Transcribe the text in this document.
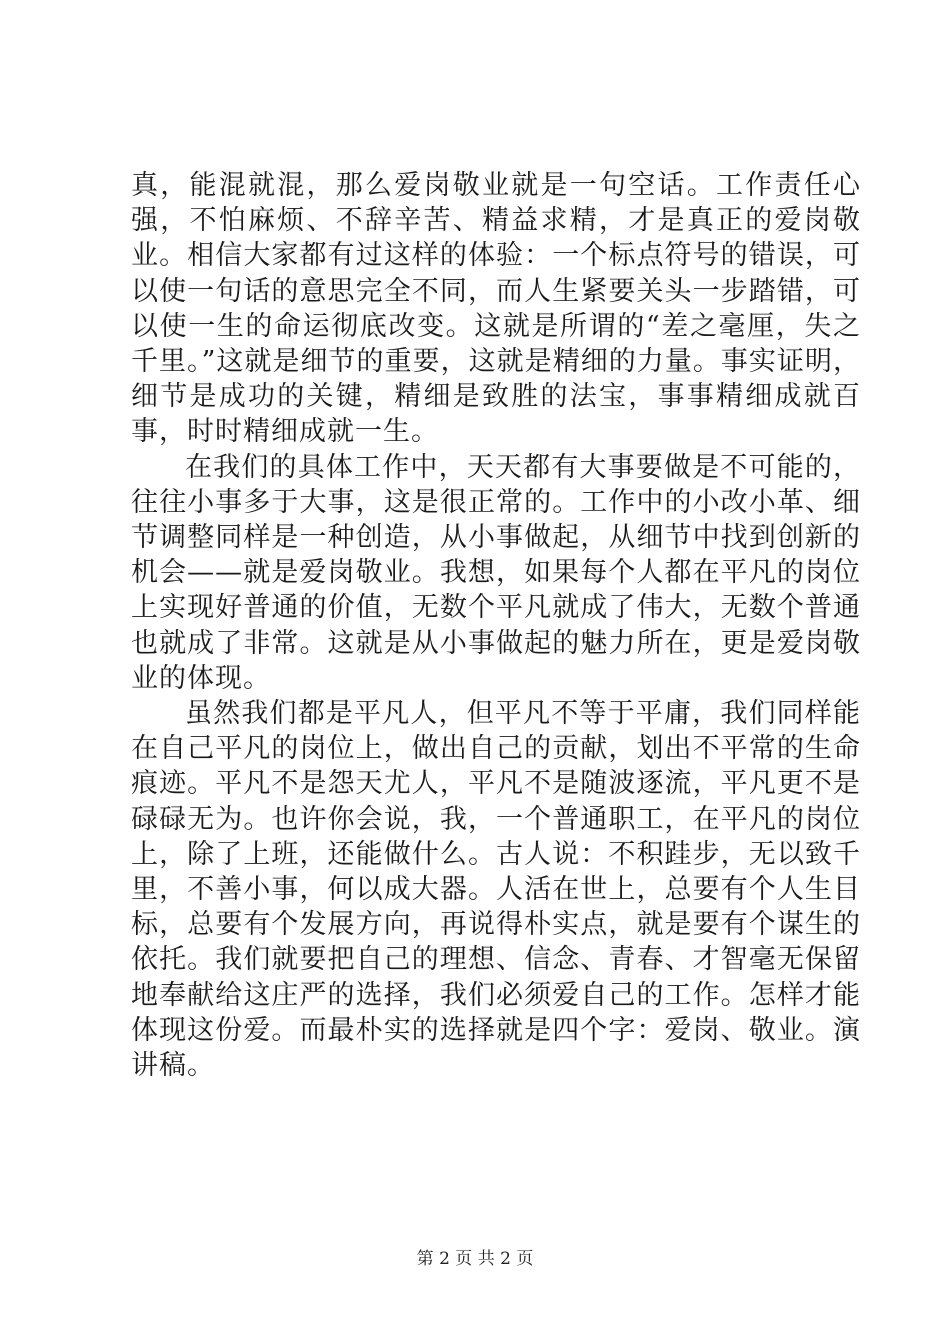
真，能混就混，那么爱岗敬业就是一句空话。工作责任心强，不怕麻烦、不辞辛苦、精益求精，才是真正的爱岗敬业。相信大家都有过这样的体验：一个标点符号的错误，可以使一句话的意思完全不同，而人生紧要关头一步踏错，可以使一生的命运彻底改变。这就是所谓的“差之毫厘，失之千里。”这就是细节的重要，这就是精细的力量。事实证明，细节是成功的关键，精细是致胜的法宝，事事精细成就百事，时时精细成就一生。

在我们的具体工作中，天天都有大事要做是不可能的，往往小事多于大事，这是很正常的。工作中的小改小革、细节调整同样是一种创造，从小事做起，从细节中找到创新的机会——就是爱岗敬业。我想，如果每个人都在平凡的岗位上实现好普通的价值，无数个平凡就成了伟大，无数个普通也就成了非常。这就是从小事做起的魅力所在，更是爱岗敬业的体现。

虽然我们都是平凡人，但平凡不等于平庸，我们同样能在自己平凡的岗位上，做出自己的贡献，划出不平常的生命痕迹。平凡不是怨天尤人，平凡不是随波逐流，平凡更不是碌碌无为。也许你会说，我，一个普通职工，在平凡的岗位上，除了上班，还能做什么。古人说：不积跬步，无以致千里，不善小事，何以成大器。人活在世上，总要有个人生目标，总要有个发展方向，再说得朴实点，就是要有个谋生的依托。我们就要把自己的理想、信念、青春、才智毫无保留地奉献给这庄严的选择，我们必须爱自己的工作。怎样才能体现这份爱。而最朴实的选择就是四个字：爱岗、敬业。演讲稿。

第 2 页 共 2 页
